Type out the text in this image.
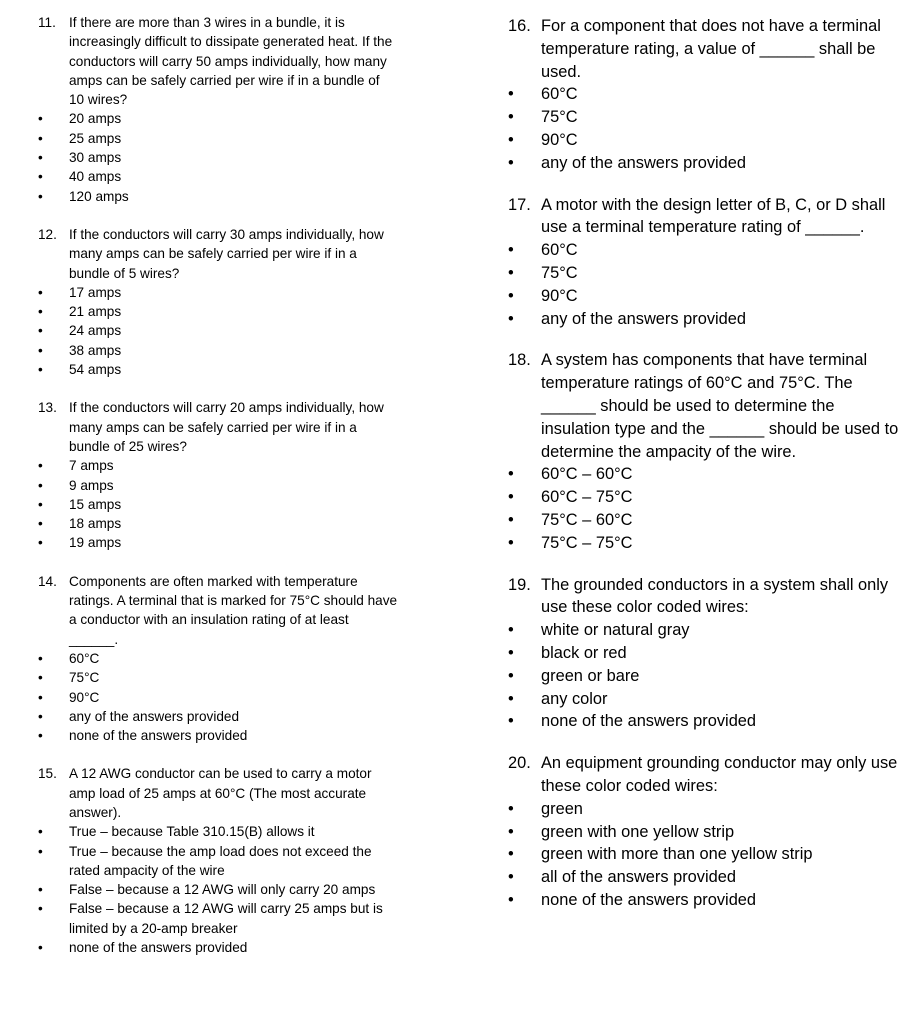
11. If there are more than 3 wires in a bundle, it is increasingly difficult to dissipate generated heat. If the conductors will carry 50 amps individually, how many amps can be safely carried per wire if in a bundle of 10 wires?
•	20 amps
•	25 amps
•	30 amps
•	40 amps
•	120 amps
12. If the conductors will carry 30 amps individually, how many amps can be safely carried per wire if in a bundle of 5 wires?
•	17 amps
•	21 amps
•	24 amps
•	38 amps
•	54 amps
13. If the conductors will carry 20 amps individually, how many amps can be safely carried per wire if in a bundle of 25 wires?
•	7 amps
•	9 amps
•	15 amps
•	18 amps
•	19 amps
14. Components are often marked with temperature ratings. A terminal that is marked for 75°C should have a conductor with an insulation rating of at least ______.
•	60°C
•	75°C
•	90°C
•	any of the answers provided
•	none of the answers provided
15. A 12 AWG conductor can be used to carry a motor amp load of 25 amps at 60°C (The most accurate answer).
•	True – because Table 310.15(B) allows it
•	True – because the amp load does not exceed the rated ampacity of the wire
•	False – because a 12 AWG will only carry 20 amps
•	False – because a 12 AWG will carry 25 amps but is limited by a 20-amp breaker
•	none of the answers provided
16. For a component that does not have a terminal temperature rating, a value of ______ shall be used.
•	60°C
•	75°C
•	90°C
•	any of the answers provided
17. A motor with the design letter of B, C, or D shall use a terminal temperature rating of ______.
•	60°C
•	75°C
•	90°C
•	any of the answers provided
18. A system has components that have terminal temperature ratings of 60°C and 75°C. The ______ should be used to determine the insulation type and the ______ should be used to determine the ampacity of the wire.
•	60°C – 60°C
•	60°C – 75°C
•	75°C – 60°C
•	75°C – 75°C
19. The grounded conductors in a system shall only use these color coded wires:
•	white or natural gray
•	black or red
•	green or bare
•	any color
•	none of the answers provided
20. An equipment grounding conductor may only use these color coded wires:
•	green
•	green with one yellow strip
•	green with more than one yellow strip
•	all of the answers provided
•	none of the answers provided
